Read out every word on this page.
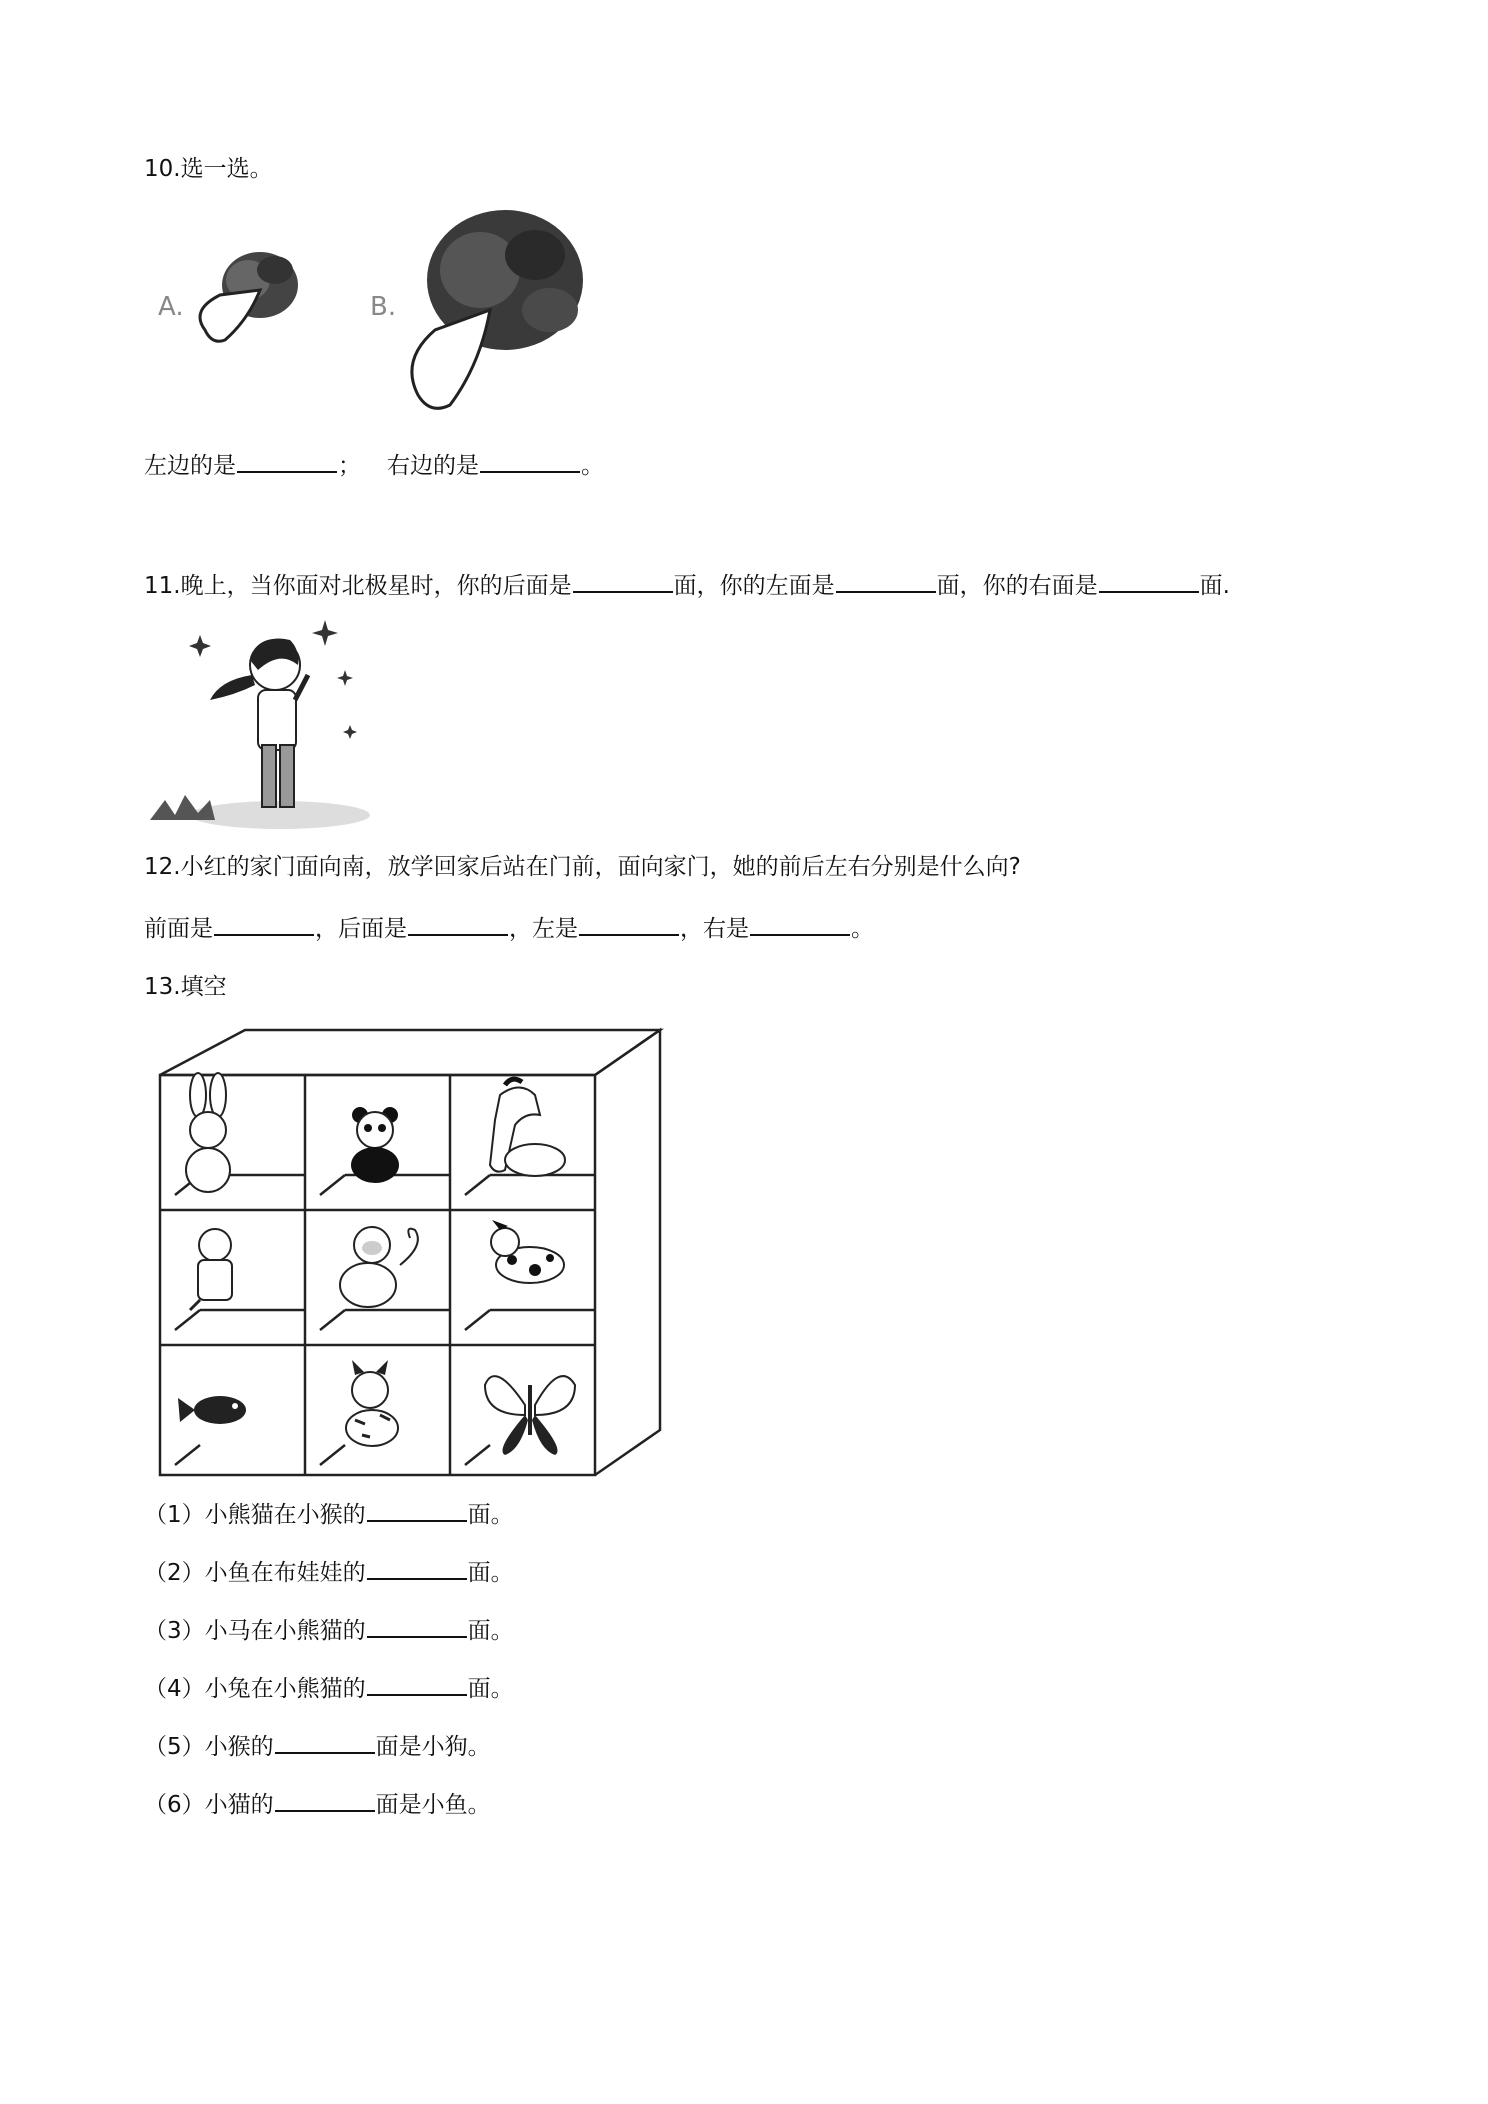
10.选一选。
A.	B.
左边的是	； 右边的是	。
11.晚上，当你面对北极星时，你的后面是	面，你的左面是	面，你的右面是	面.
12.小红的家门面向南，放学回家后站在门前，面向家门，她的前后左右分别是什么向?
前面是	，后面是	，左是	，右是	。
13.填空
（1）小熊猫在小猴的	面。
（2）小鱼在布娃娃的	面。
（3）小马在小熊猫的	面。
（4）小兔在小熊猫的	面。
（5）小猴的	面是小狗。
（6）小猫的	面是小鱼。
